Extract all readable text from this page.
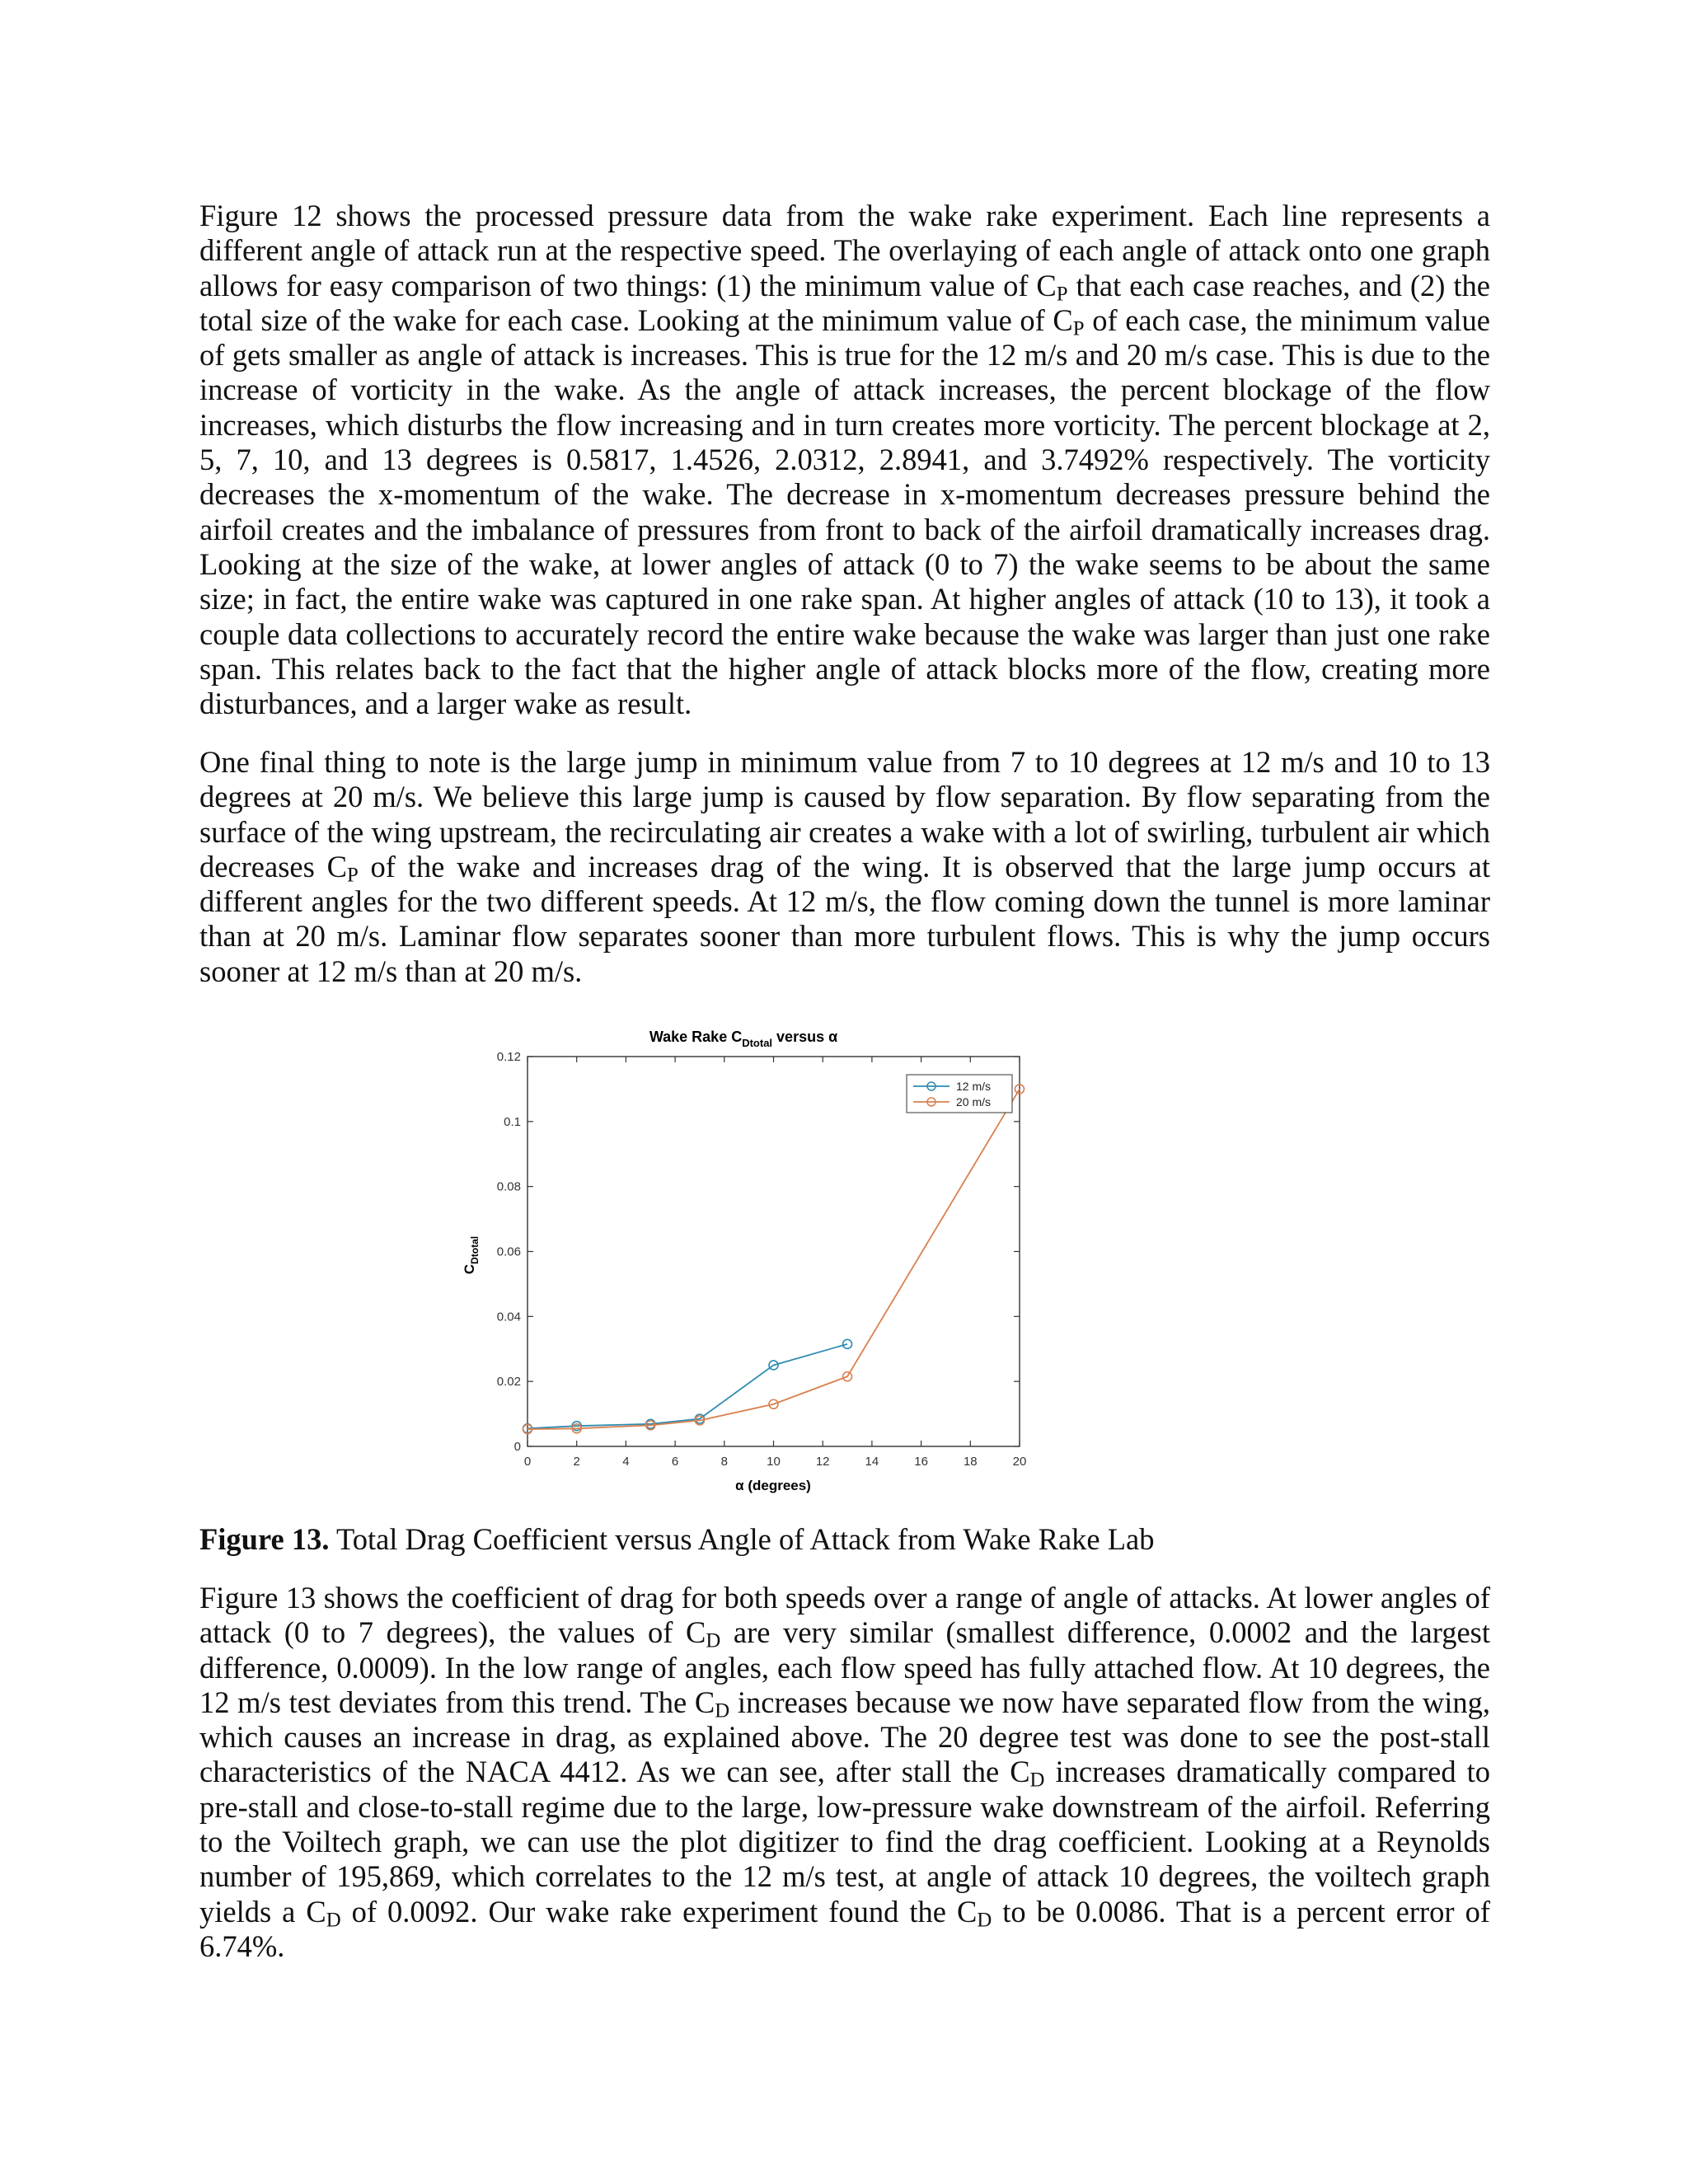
Figure 12 shows the processed pressure data from the wake rake experiment. Each line represents a different angle of attack run at the respective speed. The overlaying of each angle of attack onto one graph allows for easy comparison of two things: (1) the minimum value of $C_P$ that each case reaches, and (2) the total size of the wake for each case. Looking at the minimum value of $C_P$ of each case, the minimum value of gets smaller as angle of attack is increases. This is true for the 12 m/s and 20 m/s case. This is due to the increase of vorticity in the wake. As the angle of attack increases, the percent blockage of the flow increases, which disturbs the flow increasing and in turn creates more vorticity. The percent blockage at 2, 5, 7, 10, and 13 degrees is 0.5817, 1.4526, 2.0312, 2.8941, and 3.7492% respectively. The vorticity decreases the x-momentum of the wake. The decrease in x-momentum decreases pressure behind the airfoil creates and the imbalance of pressures from front to back of the airfoil dramatically increases drag. Looking at the size of the wake, at lower angles of attack (0 to 7) the wake seems to be about the same size; in fact, the entire wake was captured in one rake span. At higher angles of attack (10 to 13), it took a couple data collections to accurately record the entire wake because the wake was larger than just one rake span. This relates back to the fact that the higher angle of attack blocks more of the flow, creating more disturbances, and a larger wake as result.

One final thing to note is the large jump in minimum value from 7 to 10 degrees at 12 m/s and 10 to 13 degrees at 20 m/s. We believe this large jump is caused by flow separation. By flow separating from the surface of the wing upstream, the recirculating air creates a wake with a lot of swirling, turbulent air which decreases $C_P$ of the wake and increases drag of the wing. It is observed that the large jump occurs at different angles for the two different speeds. At 12 m/s, the flow coming down the tunnel is more laminar than at 20 m/s. Laminar flow separates sooner than more turbulent flows. This is why the jump occurs sooner at 12 m/s than at 20 m/s.

Wake Rake $C_{Dtotal}$ versus α
0	2	4	6	8	10	12	14	16	18	20
0
0.02
0.04
0.06
0.08
0.1
0.12
α (degrees)
$C_{Dtotal}$
12 m/s
20 m/s

Figure 13. Total Drag Coefficient versus Angle of Attack from Wake Rake Lab

Figure 13 shows the coefficient of drag for both speeds over a range of angle of attacks. At lower angles of attack (0 to 7 degrees), the values of $C_D$ are very similar (smallest difference, 0.0002 and the largest difference, 0.0009). In the low range of angles, each flow speed has fully attached flow. At 10 degrees, the 12 m/s test deviates from this trend. The $C_D$ increases because we now have separated flow from the wing, which causes an increase in drag, as explained above. The 20 degree test was done to see the post-stall characteristics of the NACA 4412. As we can see, after stall the $C_D$ increases dramatically compared to pre-stall and close-to-stall regime due to the large, low-pressure wake downstream of the airfoil. Referring to the Voiltech graph, we can use the plot digitizer to find the drag coefficient. Looking at a Reynolds number of 195,869, which correlates to the 12 m/s test, at angle of attack 10 degrees, the voiltech graph yields a $C_D$ of 0.0092. Our wake rake experiment found the $C_D$ to be 0.0086. That is a percent error of 6.74%.
